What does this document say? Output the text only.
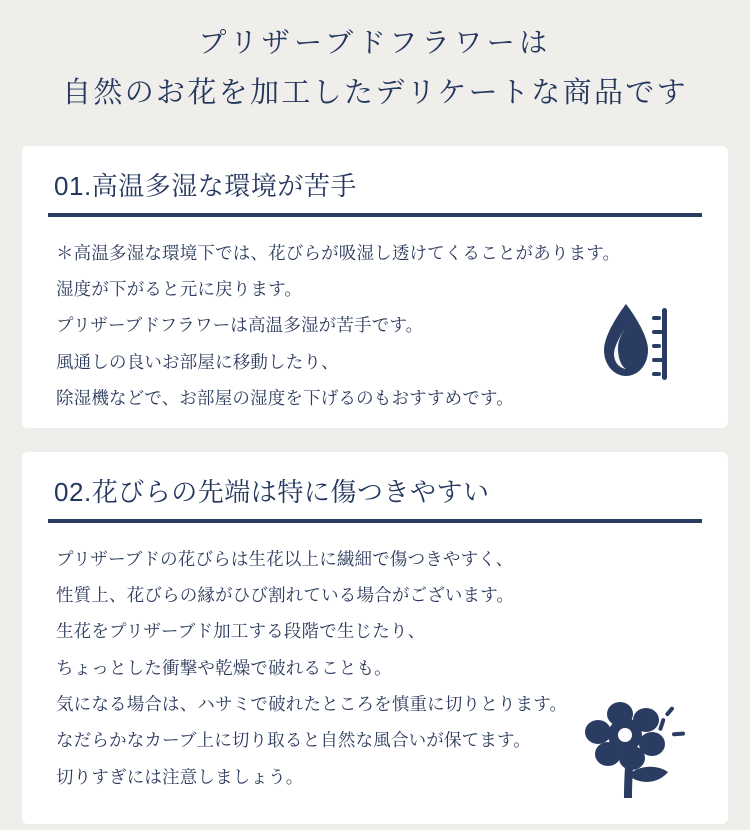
プリザーブドフラワーは
自然のお花を加工したデリケートな商品です
01.高温多湿な環境が苦手

＊高温多湿な環境下では、花びらが吸湿し透けてくることがあります。

湿度が下がると元に戻ります。

プリザーブドフラワーは高温多湿が苦手です。

風通しの良いお部屋に移動したり、

除湿機などで、お部屋の湿度を下げるのもおすすめです。

02.花びらの先端は特に傷つきやすい

プリザーブドの花びらは生花以上に繊細で傷つきやすく、

性質上、花びらの縁がひび割れている場合がございます。

生花をプリザーブド加工する段階で生じたり、

ちょっとした衝撃や乾燥で破れることも。

気になる場合は、ハサミで破れたところを慎重に切りとります。

なだらかなカーブ上に切り取ると自然な風合いが保てます。

切りすぎには注意しましょう。
